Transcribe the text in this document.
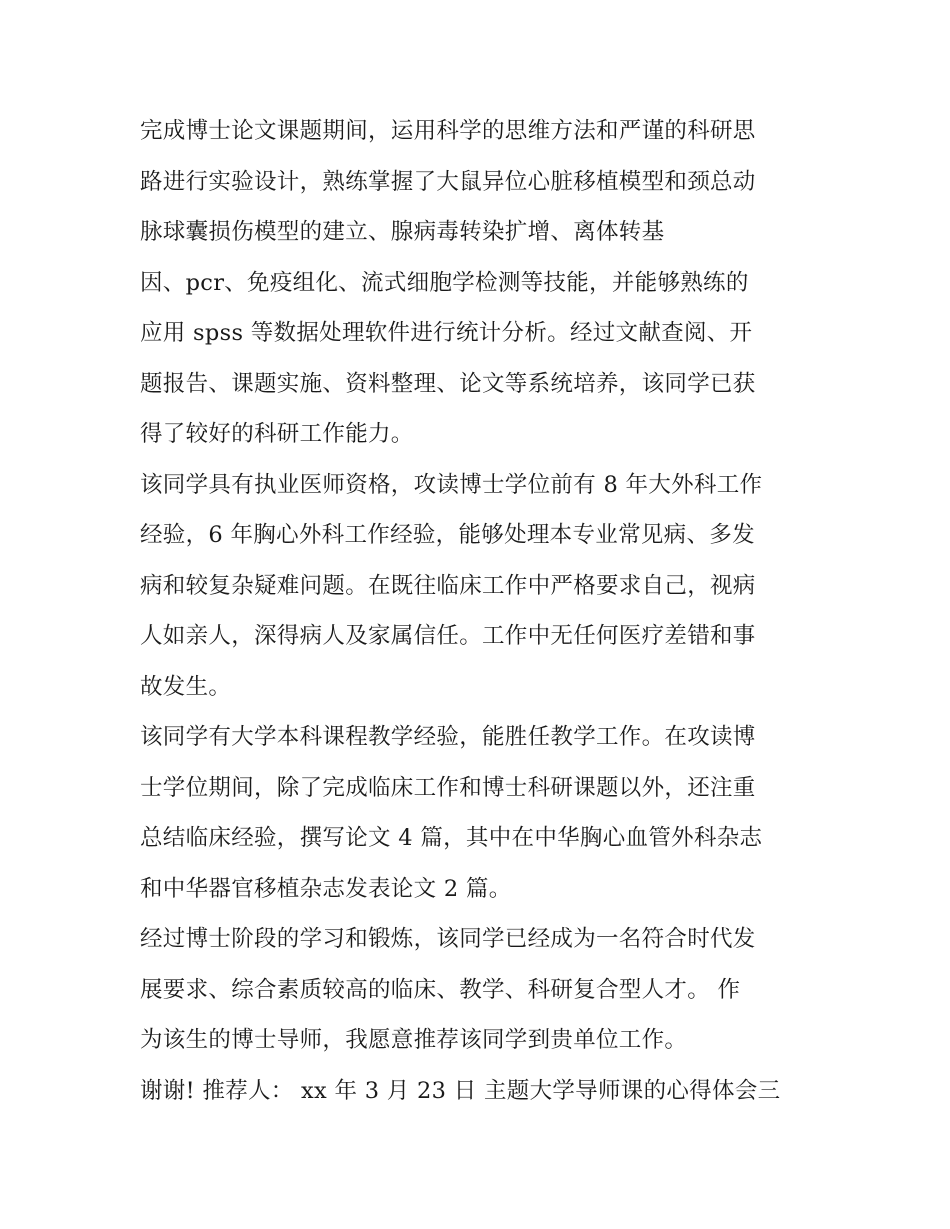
完成博士论文课题期间，运用科学的思维方法和严谨的科研思
路进行实验设计，熟练掌握了大鼠异位心脏移植模型和颈总动
脉球囊损伤模型的建立、腺病毒转染扩增、离体转基
因、pcr、免疫组化、流式细胞学检测等技能，并能够熟练的
应用 spss 等数据处理软件进行统计分析。经过文献查阅、开
题报告、课题实施、资料整理、论文等系统培养，该同学已获
得了较好的科研工作能力。
该同学具有执业医师资格，攻读博士学位前有 8 年大外科工作
经验，6 年胸心外科工作经验，能够处理本专业常见病、多发
病和较复杂疑难问题。在既往临床工作中严格要求自己，视病
人如亲人，深得病人及家属信任。工作中无任何医疗差错和事
故发生。
该同学有大学本科课程教学经验，能胜任教学工作。在攻读博
士学位期间，除了完成临床工作和博士科研课题以外，还注重
总结临床经验，撰写论文 4 篇，其中在中华胸心血管外科杂志
和中华器官移植杂志发表论文 2 篇。
经过博士阶段的学习和锻炼，该同学已经成为一名符合时代发
展要求、综合素质较高的临床、教学、科研复合型人才。 作
为该生的博士导师，我愿意推荐该同学到贵单位工作。
谢谢! 推荐人： xx 年 3 月 23 日 主题大学导师课的心得体会三
